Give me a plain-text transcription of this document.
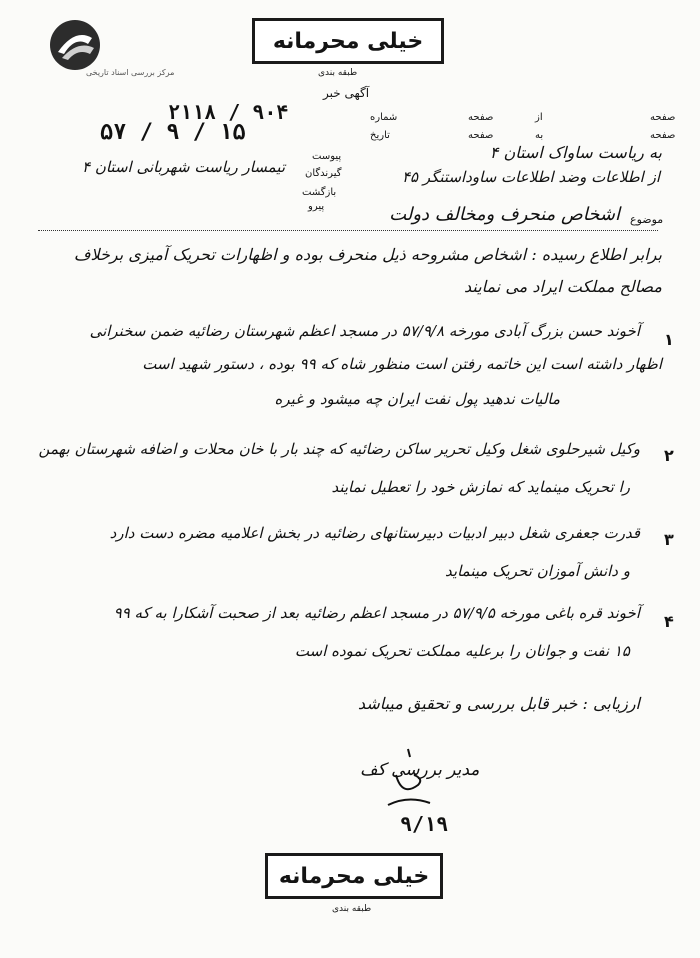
مرکز بررسی اسناد تاریخی
خیلی محرمانه
طبقه بندی
آگهی خبر
شماره
۲۱۱۸ / ۹۰۴	صفحه	از	صفحه
تاریخ
۵۷ / ۹ / ۱۵	صفحه	به	صفحه
به ریاست ساواک استان ۴
از اطلاعات وضد اطلاعات ساوداستنگر ۴۵
پیوست
گیرندگان
تیمسار ریاست شهربانی استان ۴
بازگشت
پیرو
موضوع
اشخاص منحرف ومخالف دولت
برابر اطلاع رسیده : اشخاص مشروحه ذیل منحرف بوده و اظهارات تحریک آمیزی برخلاف
مصالح مملکت ایراد می نمایند
۱
آخوند حسن بزرگ آبادی مورخه ۵۷/۹/۸ در مسجد اعظم شهرستان رضائیه ضمن سخنرانی
اظهار داشته است این خاتمه رفتن است منظور شاه که ۹۹ بوده ، دستور شهید است
مالیات ندهید پول نفت ایران چه میشود و غیره
۲
وکیل شیرحلوی شغل وکیل تحریر ساکن رضائیه که چند بار با خان محلات و اضافه شهرستان بهمن
را تحریک مینماید که نمازش خود را تعطیل نمایند
۳
قدرت جعفری شغل دبیر ادبیات دبیرستانهای رضائیه در بخش اعلامیه مضره دست دارد
و دانش آموزان تحریک مینماید
۴
آخوند قره باغی مورخه ۵۷/۹/۵ در مسجد اعظم رضائیه بعد از صحبت آشکارا به که ۹۹
۱۵ نفت و جوانان را برعلیه مملکت تحریک نموده است
ارزیابی : خبر قابل بررسی و تحقیق میباشد
مدیر بررسی کف
۹/۱۹
خیلی محرمانه
طبقه بندی
